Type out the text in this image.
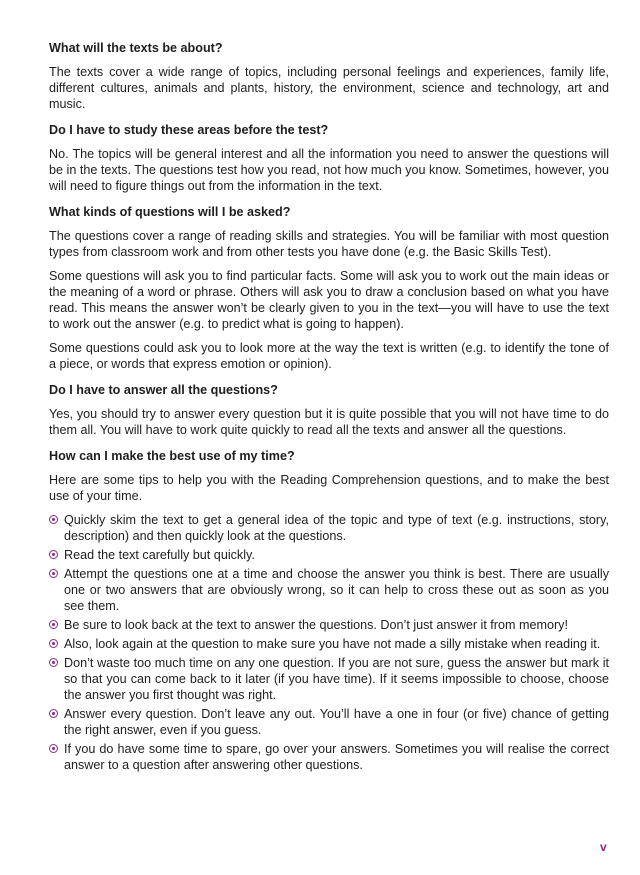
What will the texts be about?

The texts cover a wide range of topics, including personal feelings and experiences, family life, different cultures, animals and plants, history, the environment, science and technology, art and music.

Do I have to study these areas before the test?

No. The topics will be general interest and all the information you need to answer the questions will be in the texts. The questions test how you read, not how much you know. Sometimes, however, you will need to figure things out from the information in the text.

What kinds of questions will I be asked?

The questions cover a range of reading skills and strategies. You will be familiar with most question types from classroom work and from other tests you have done (e.g. the Basic Skills Test).

Some questions will ask you to find particular facts. Some will ask you to work out the main ideas or the meaning of a word or phrase. Others will ask you to draw a conclusion based on what you have read. This means the answer won’t be clearly given to you in the text—you will have to use the text to work out the answer (e.g. to predict what is going to happen).

Some questions could ask you to look more at the way the text is written (e.g. to identify the tone of a piece, or words that express emotion or opinion).

Do I have to answer all the questions?

Yes, you should try to answer every question but it is quite possible that you will not have time to do them all. You will have to work quite quickly to read all the texts and answer all the questions.

How can I make the best use of my time?

Here are some tips to help you with the Reading Comprehension questions, and to make the best use of your time.

Quickly skim the text to get a general idea of the topic and type of text (e.g. instructions, story, description) and then quickly look at the questions.
Read the text carefully but quickly.
Attempt the questions one at a time and choose the answer you think is best. There are usually one or two answers that are obviously wrong, so it can help to cross these out as soon as you see them.
Be sure to look back at the text to answer the questions. Don’t just answer it from memory!
Also, look again at the question to make sure you have not made a silly mistake when reading it.
Don’t waste too much time on any one question. If you are not sure, guess the answer but mark it so that you can come back to it later (if you have time). If it seems impossible to choose, choose the answer you first thought was right.
Answer every question. Don’t leave any out. You’ll have a one in four (or five) chance of getting the right answer, even if you guess.
If you do have some time to spare, go over your answers. Sometimes you will realise the correct answer to a question after answering other questions.
v
